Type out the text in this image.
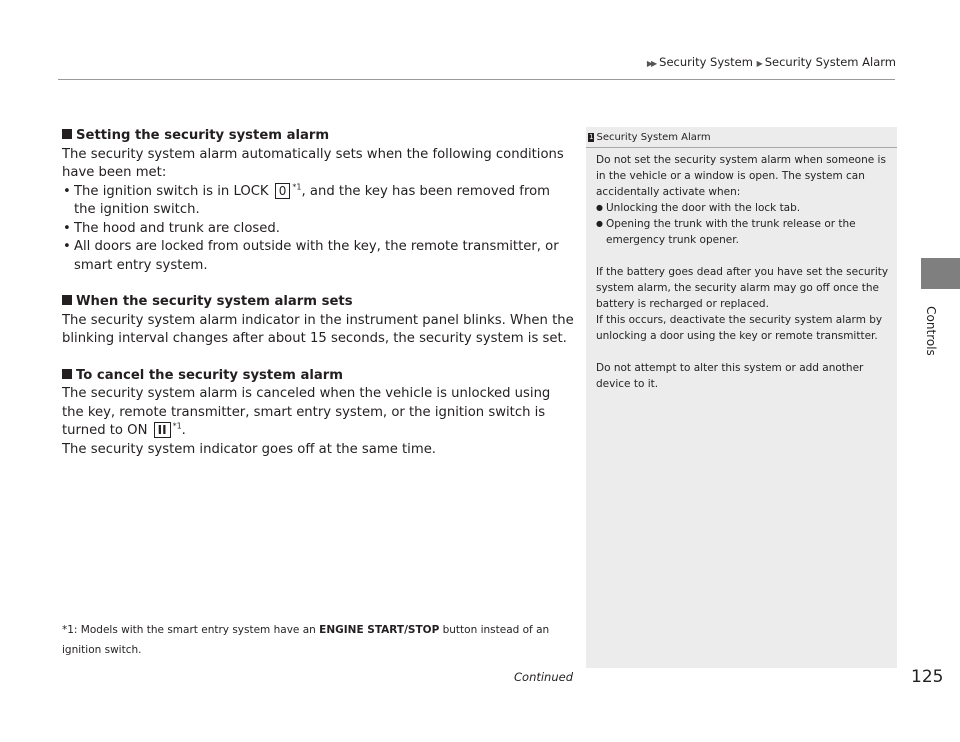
▶▶ Security System ▶ Security System Alarm
Controls
Setting the security system alarm

The security system alarm automatically sets when the following conditions have been met:

• The ignition switch is in LOCK 0 $^{*1}$, and the key has been removed from the ignition switch.
• The hood and trunk are closed.
• All doors are locked from outside with the key, the remote transmitter, or smart entry system.
When the security system alarm sets

The security system alarm indicator in the instrument panel blinks. When the blinking interval changes after about 15 seconds, the security system is set.

To cancel the security system alarm

The security system alarm is canceled when the vehicle is unlocked using the key, remote transmitter, smart entry system, or the ignition switch is turned to ON II $^{*1}$.

The security system indicator goes off at the same time.

*1: Models with the smart entry system have an ENGINE START/STOP button instead of an ignition switch.
Continued
1 Security System Alarm

Do not set the security system alarm when someone is in the vehicle or a window is open. The system can accidentally activate when:

● Unlocking the door with the lock tab.
● Opening the trunk with the trunk release or the emergency trunk opener.

If the battery goes dead after you have set the security system alarm, the security alarm may go off once the battery is recharged or replaced.

If this occurs, deactivate the security system alarm by unlocking a door using the key or remote transmitter.

Do not attempt to alter this system or add another device to it.

125
